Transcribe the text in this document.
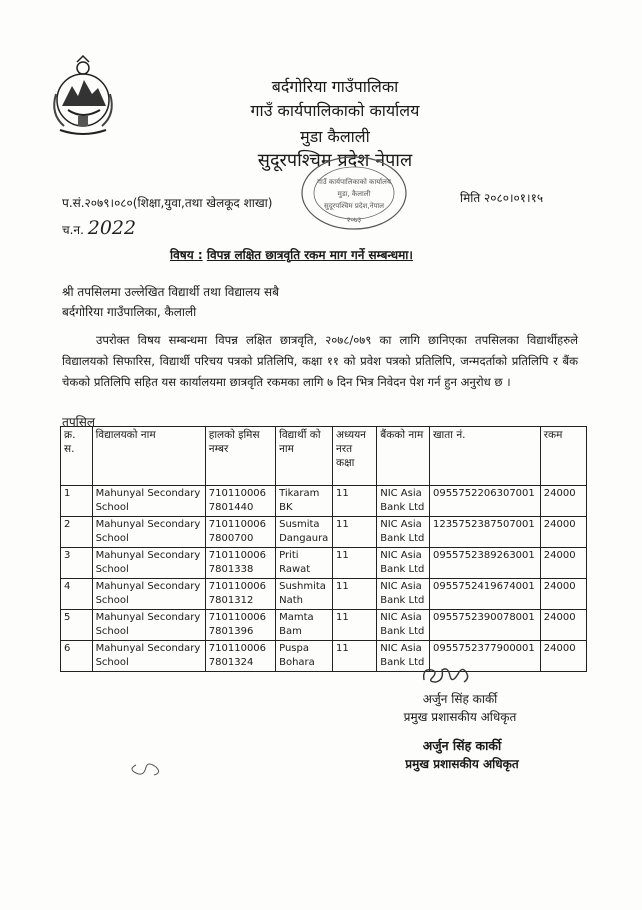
बर्दगोरिया गाउँपालिका
गाउँ कार्यपालिकाको कार्यालय
मुडा कैलाली
सुदूरपश्चिम प्रदेश नेपाल
गाउँ कार्यपालिकाको कार्यालय
मुडा, कैलाली
सुदूरपश्चिम प्रदेश,नेपाल
२०७३
प.सं.२०७९।०८०(शिक्षा,युवा,तथा खेलकूद शाखा)
च.न. 2022
मिति २०८०।०१।१५
विषय : विपन्न लक्षित छात्रवृति रकम माग गर्ने सम्बन्धमा।
श्री तपसिलमा उल्लेखित विद्यार्थी तथा विद्यालय सबै
बर्दगोरिया गाउँपालिका, कैलाली
उपरोक्त विषय सम्बन्धमा विपन्न लक्षित छात्रवृति, २०७८/०७९ का लागि छानिएका तपसिलका विद्यार्थीहरुले विद्यालयको सिफारिस, विद्यार्थी परिचय पत्रको प्रतिलिपि, कक्षा ११ को प्रवेश पत्रको प्रतिलिपि, जन्मदर्ताको प्रतिलिपि र बैंक चेकको प्रतिलिपि सहित यस कार्यालयमा छात्रवृति रकमका लागि ७ दिन भित्र निवेदन पेश गर्न हुन अनुरोध छ ।
तपसिल
क्र. स.	विद्यालयको नाम	हालको इमिस नम्बर	विद्यार्थी को नाम	अध्ययन नरत कक्षा	बैंकको नाम	खाता नं.	रकम
1	Mahunyal Secondary School	710110006 7801440	Tikaram BK	11	NIC Asia Bank Ltd	0955752206307001	24000
2	Mahunyal Secondary School	710110006 7800700	Susmita Dangaura	11	NIC Asia Bank Ltd	1235752387507001	24000
3	Mahunyal Secondary School	710110006 7801338	Priti Rawat	11	NIC Asia Bank Ltd	0955752389263001	24000
4	Mahunyal Secondary School	710110006 7801312	Sushmita Nath	11	NIC Asia Bank Ltd	0955752419674001	24000
5	Mahunyal Secondary School	710110006 7801396	Mamta Bam	11	NIC Asia Bank Ltd	0955752390078001	24000
6	Mahunyal Secondary School	710110006 7801324	Puspa Bohara	11	NIC Asia Bank Ltd	0955752377900001	24000
अर्जुन सिंह कार्की
प्रमुख प्रशासकीय अधिकृत
अर्जुन सिंह कार्की
प्रमुख प्रशासकीय अधिकृत
